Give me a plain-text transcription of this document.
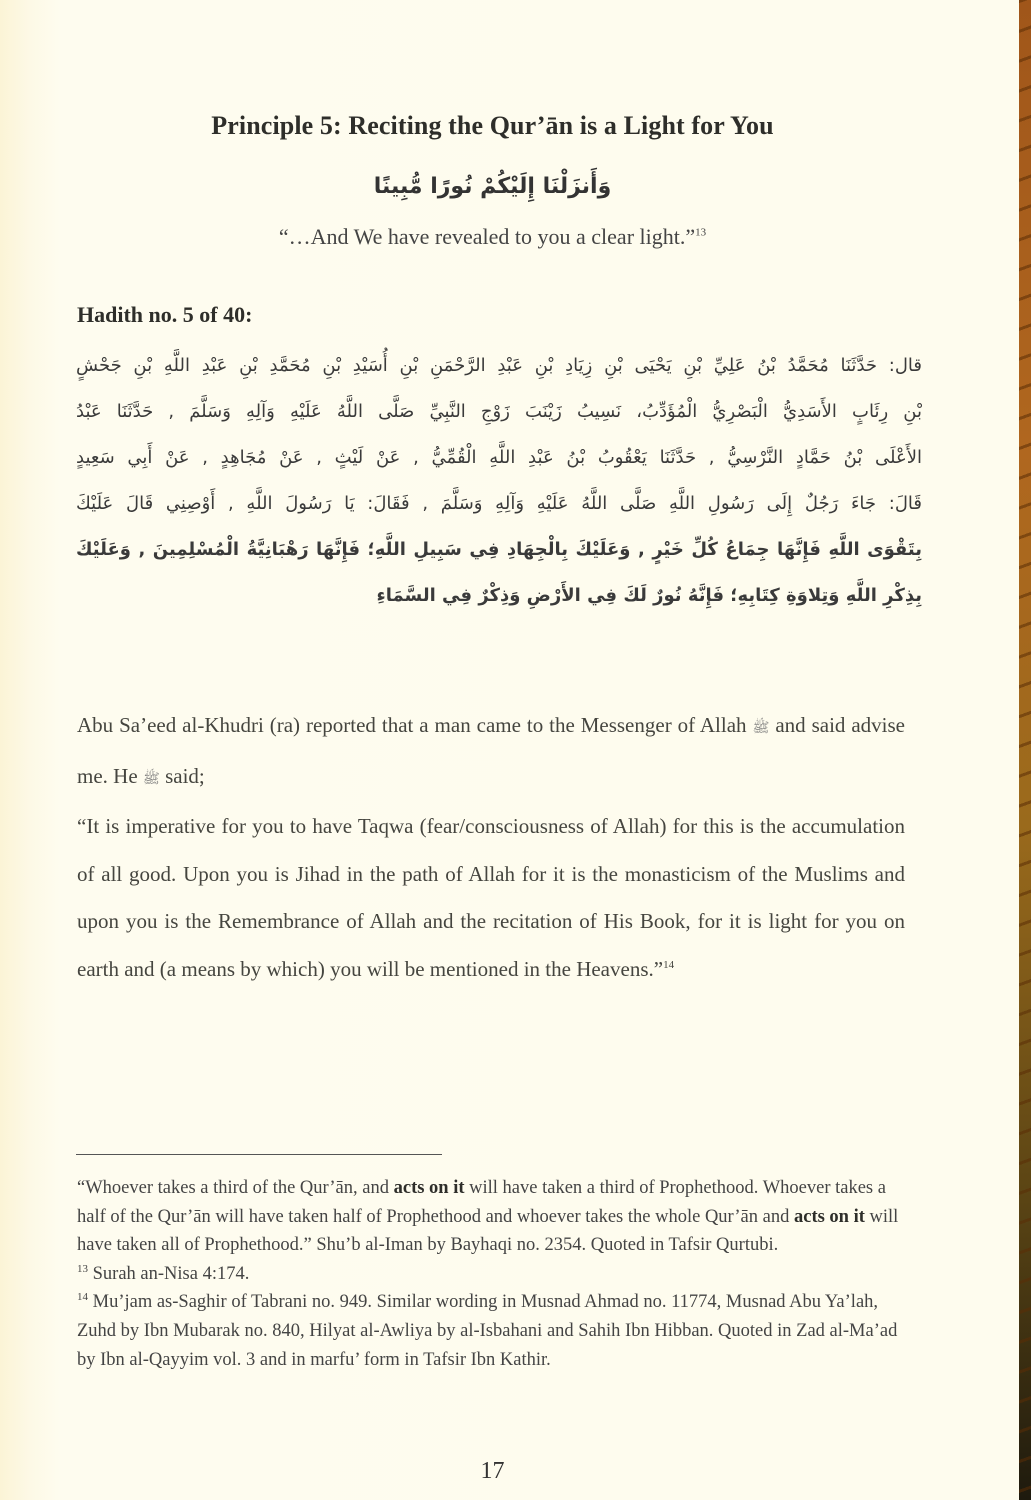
Principle 5: Reciting the Qur’ān is a Light for You
وَأَنزَلْنَا إِلَيْكُمْ نُورًا مُّبِينًا
“…And We have revealed to you a clear light.”$^{13}$
Hadith no. 5 of 40:
قال: حَدَّثَنَا مُحَمَّدُ بْنُ عَلِيِّ بْنِ يَحْيَى بْنِ زِيَادِ بْنِ عَبْدِ الرَّحْمَنِ بْنِ أُسَيْدِ بْنِ مُحَمَّدِ بْنِ عَبْدِ اللَّهِ بْنِ جَحْشٍ
بْنِ رِئَابٍ الأَسَدِيُّ الْبَصْرِيُّ الْمُؤَدِّبُ، نَسِيبُ زَيْنَبَ زَوْجِ النَّبِيِّ صَلَّى اللَّهُ عَلَيْهِ وَآلِهِ وَسَلَّمَ , حَدَّثَنَا عَبْدُ
الأَعْلَى بْنُ حَمَّادٍ النَّرْسِيُّ , حَدَّثَنَا يَعْقُوبُ بْنُ عَبْدِ اللَّهِ الْقُمِّيُّ , عَنْ لَيْثٍ , عَنْ مُجَاهِدٍ , عَنْ أَبِي سَعِيدٍ
قَالَ: جَاءَ رَجُلٌ إِلَى رَسُولِ اللَّهِ صَلَّى اللَّهُ عَلَيْهِ وَآلِهِ وَسَلَّمَ , فَقَالَ: يَا رَسُولَ اللَّهِ , أَوْصِنِي قَالَ عَلَيْكَ
بِتَقْوَى اللَّهِ فَإِنَّهَا جِمَاعُ كُلِّ خَيْرٍ , وَعَلَيْكَ بِالْجِهَادِ فِي سَبِيلِ اللَّهِ؛ فَإِنَّهَا رَهْبَانِيَّةُ الْمُسْلِمِينَ , وَعَلَيْكَ
بِذِكْرِ اللَّهِ وَتِلاوَةِ كِتَابِهِ؛ فَإِنَّهُ نُورٌ لَكَ فِي الأَرْضِ وَذِكْرٌ فِي السَّمَاءِ

Abu Sa’eed al-Khudri (ra) reported that a man came to the Messenger of Allah ﷺ and said advise me. He ﷺ said;

“It is imperative for you to have Taqwa (fear/consciousness of Allah) for this is the accumulation of all good. Upon you is Jihad in the path of Allah for it is the monasticism of the Muslims and upon you is the Remembrance of Allah and the recitation of His Book, for it is light for you on earth and (a means by which) you will be mentioned in the Heavens.”$^{14}$

“Whoever takes a third of the Qur’ān, and acts on it will have taken a third of Prophethood. Whoever takes a half of the Qur’ān will have taken half of Prophethood and whoever takes the whole Qur’ān and acts on it will have taken all of Prophethood.” Shu’b al-Iman by Bayhaqi no. 2354. Quoted in Tafsir Qurtubi.

$^{13}$ Surah an-Nisa 4:174.

$^{14}$ Mu’jam as-Saghir of Tabrani no. 949. Similar wording in Musnad Ahmad no. 11774, Musnad Abu Ya’lah, Zuhd by Ibn Mubarak no. 840, Hilyat al-Awliya by al-Isbahani and Sahih Ibn Hibban. Quoted in Zad al-Ma’ad by Ibn al-Qayyim vol. 3 and in marfu’ form in Tafsir Ibn Kathir.

17
